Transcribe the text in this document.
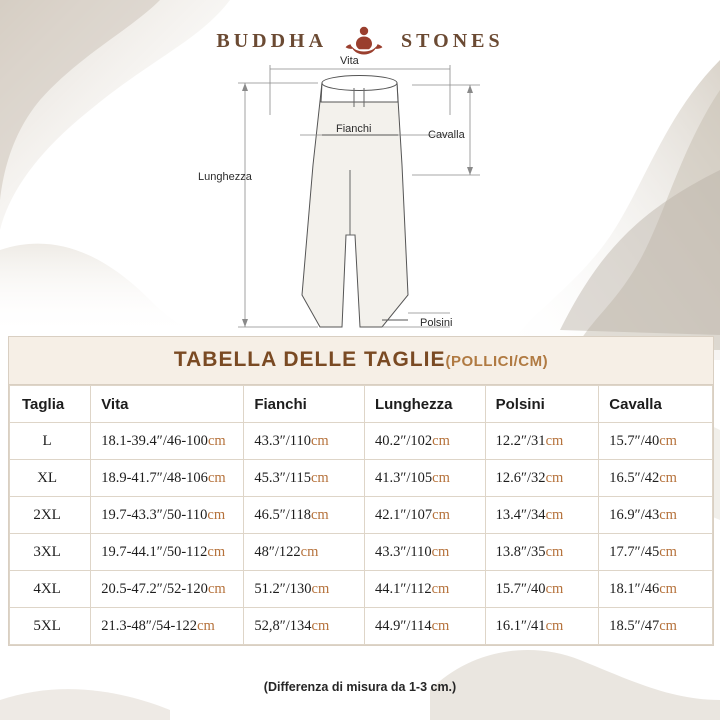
BUDDHA	STONES
Vita
Fianchi	Cavalla
Lunghezza
Polsini
TABELLA DELLE TAGLIE(POLLICI/CM)
Taglia	Vita	Fianchi	Lunghezza	Polsini	Cavalla
L	18.1-39.4″/46-100cm	43.3″/110cm	40.2″/102cm	12.2″/31cm	15.7″/40cm
XL	18.9-41.7″/48-106cm	45.3″/115cm	41.3″/105cm	12.6″/32cm	16.5″/42cm
2XL	19.7-43.3″/50-110cm	46.5″/118cm	42.1″/107cm	13.4″/34cm	16.9″/43cm
3XL	19.7-44.1″/50-112cm	48″/122cm	43.3″/110cm	13.8″/35cm	17.7″/45cm
4XL	20.5-47.2″/52-120cm	51.2″/130cm	44.1″/112cm	15.7″/40cm	18.1″/46cm
5XL	21.3-48″/54-122cm	52,8″/134cm	44.9″/114cm	16.1″/41cm	18.5″/47cm
(Differenza di misura da 1-3 cm.)
